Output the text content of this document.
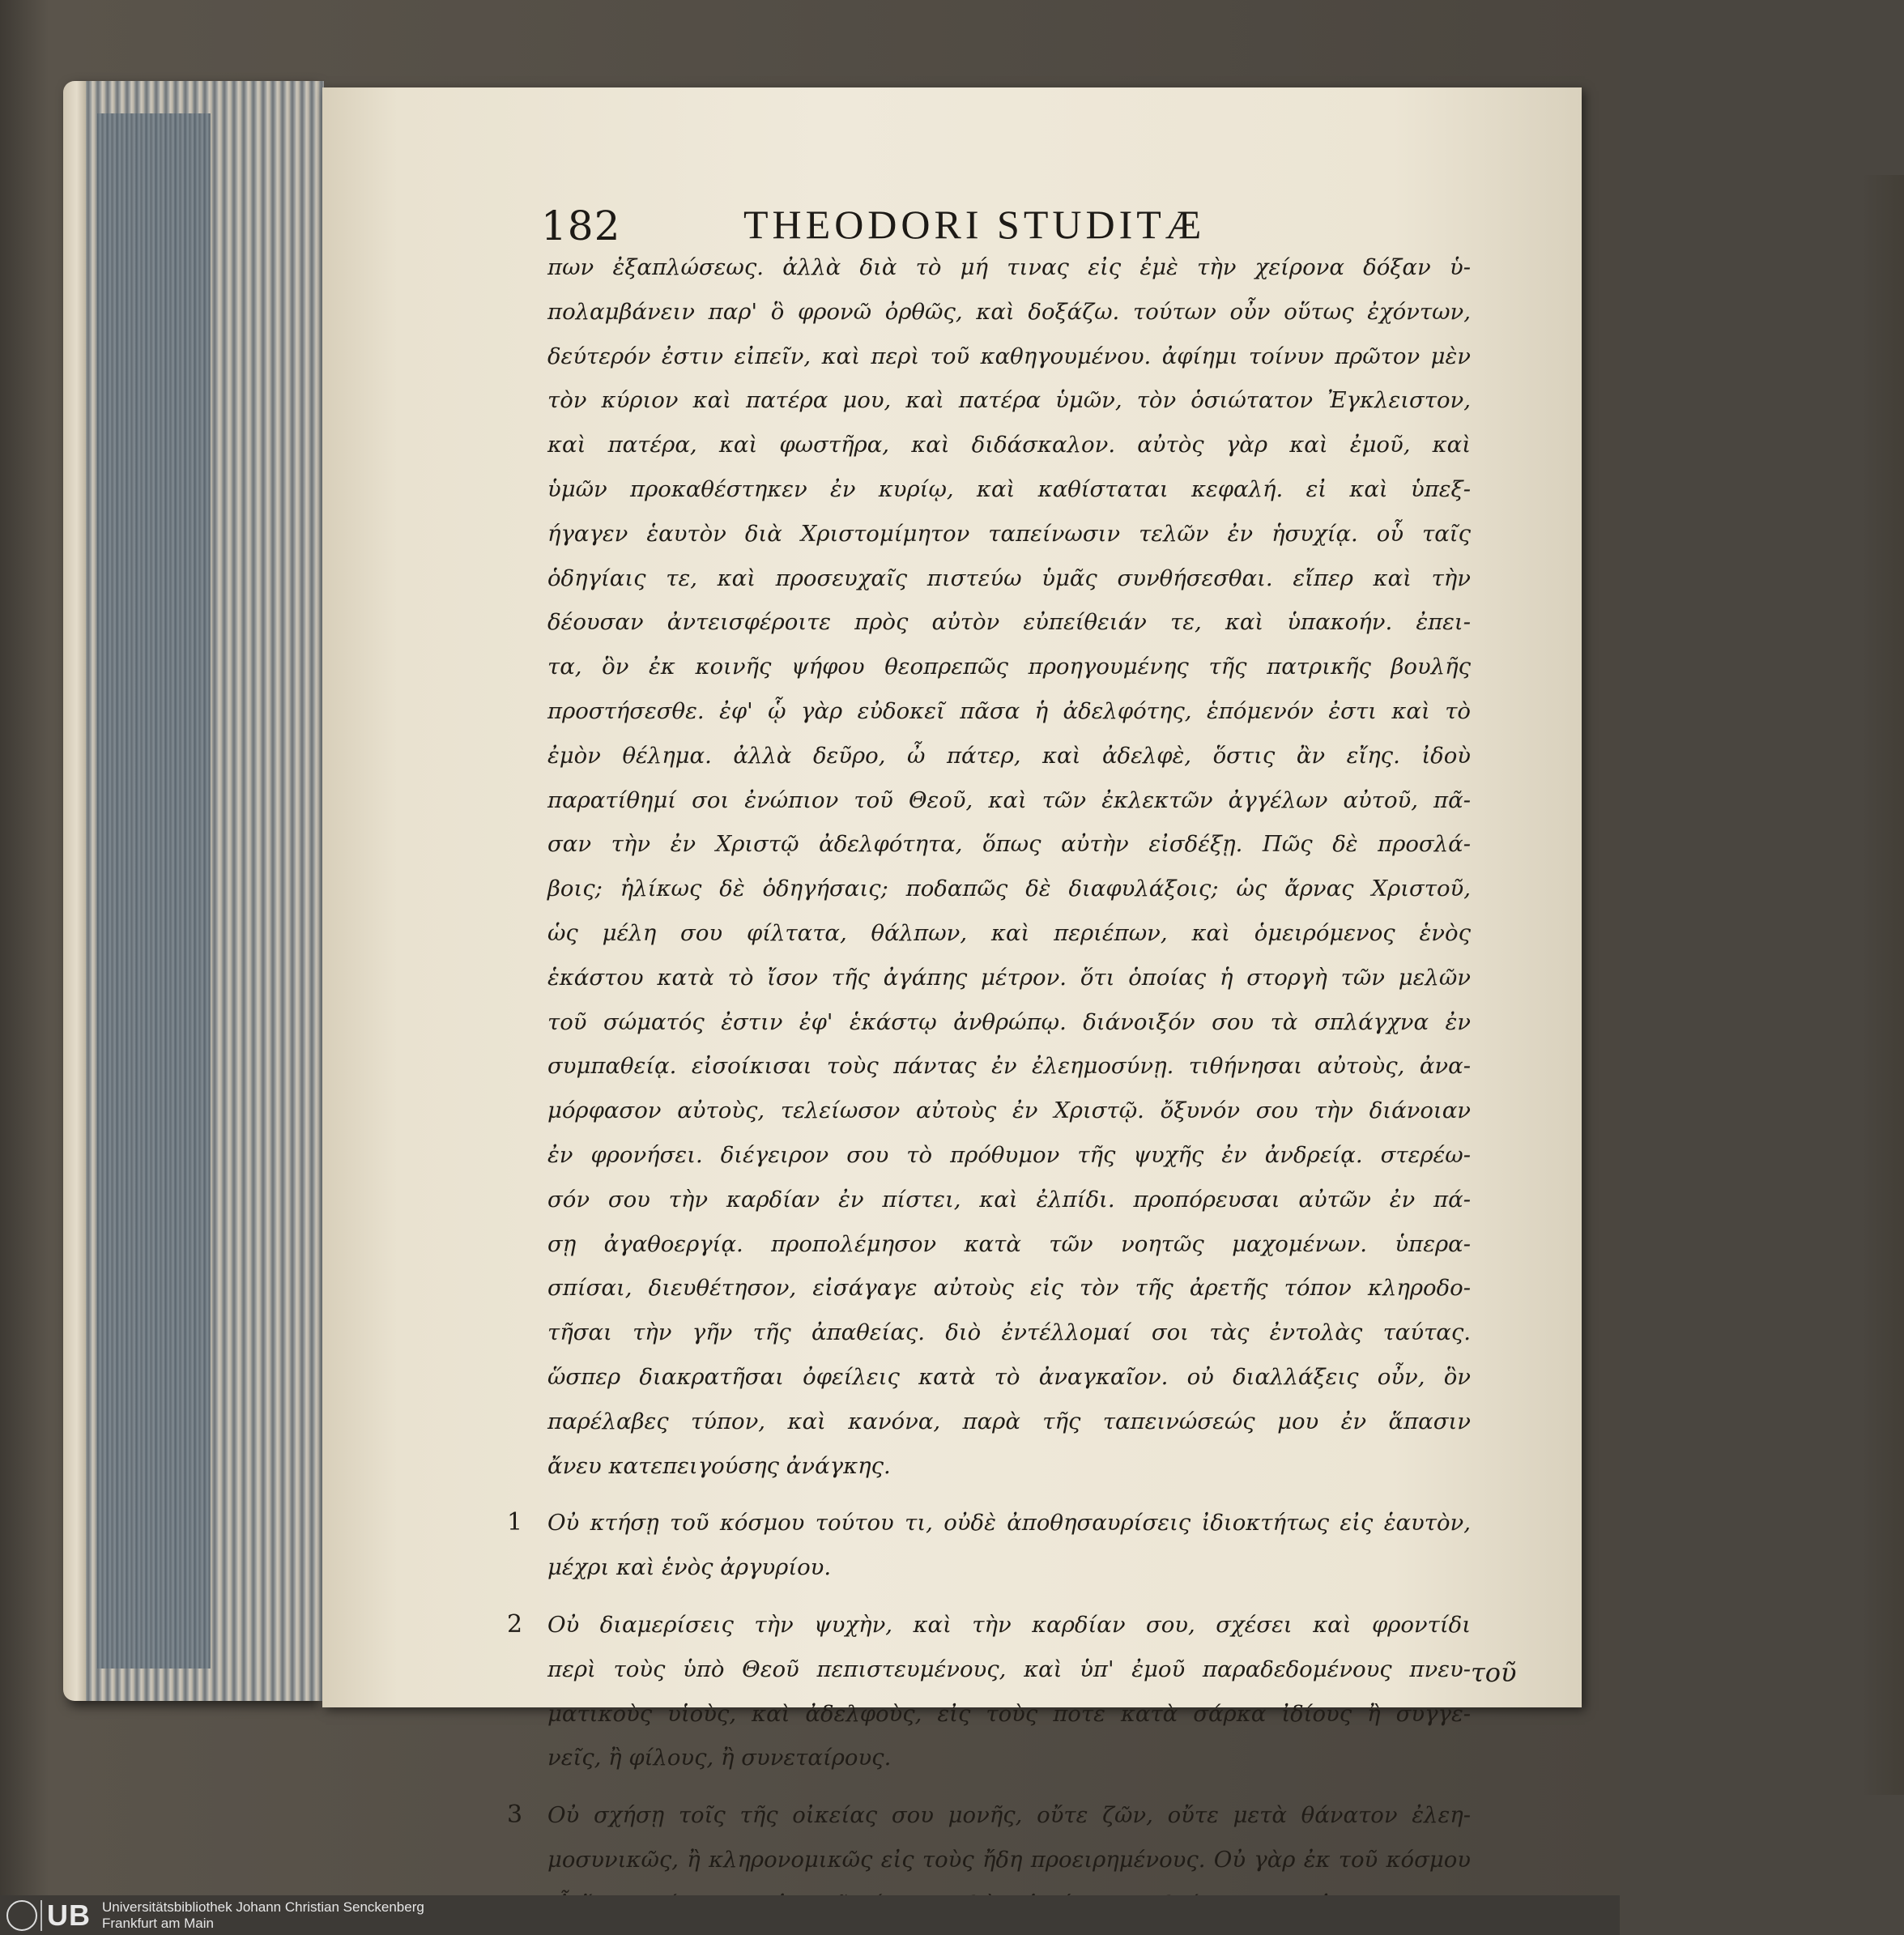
182	THEODORI STUDITÆ
πων ἐξαπλώσεως. ἀλλὰ διὰ τὸ μή τινας εἰς ἐμὲ τὴν χείρονα δόξαν ὑ-
πολαμβάνειν παρ' ὃ φρονῶ ὀρθῶς, καὶ δοξάζω. τούτων οὖν οὕτως ἐχόντων,
δεύτερόν ἐστιν εἰπεῖν, καὶ περὶ τοῦ καθηγουμένου. ἀφίημι τοίνυν πρῶτον μὲν
τὸν κύριον καὶ πατέρα μου, καὶ πατέρα ὑμῶν, τὸν ὁσιώτατον Ἐγκλειστον,
καὶ πατέρα, καὶ φωστῆρα, καὶ διδάσκαλον. αὐτὸς γὰρ καὶ ἐμοῦ, καὶ
ὑμῶν προκαθέστηκεν ἐν κυρίῳ, καὶ καθίσταται κεφαλή. εἰ καὶ ὑπεξ-
ήγαγεν ἑαυτὸν διὰ Χριστομίμητον ταπείνωσιν τελῶν ἐν ἡσυχίᾳ. οὗ ταῖς
ὁδηγίαις τε, καὶ προσευχαῖς πιστεύω ὑμᾶς συνθήσεσθαι. εἴπερ καὶ τὴν
δέουσαν ἀντεισφέροιτε πρὸς αὐτὸν εὐπείθειάν τε, καὶ ὑπακοήν. ἐπει-
τα, ὃν ἐκ κοινῆς ψήφου θεοπρεπῶς προηγουμένης τῆς πατρικῆς βουλῆς
προστήσεσθε. ἐφ' ᾧ γὰρ εὐδοκεῖ πᾶσα ἡ ἀδελφότης, ἑπόμενόν ἐστι καὶ τὸ
ἐμὸν θέλημα. ἀλλὰ δεῦρο, ὦ πάτερ, καὶ ἀδελφὲ, ὅστις ἂν εἴης. ἰδοὺ
παρατίθημί σοι ἐνώπιον τοῦ Θεοῦ, καὶ τῶν ἐκλεκτῶν ἀγγέλων αὐτοῦ, πᾶ-
σαν τὴν ἐν Χριστῷ ἀδελφότητα, ὅπως αὐτὴν εἰσδέξῃ. Πῶς δὲ προσλά-
βοις; ἡλίκως δὲ ὁδηγήσαις; ποδαπῶς δὲ διαφυλάξοις; ὡς ἄρνας Χριστοῦ,
ὡς μέλη σου φίλτατα, θάλπων, καὶ περιέπων, καὶ ὁμειρόμενος ἑνὸς
ἑκάστου κατὰ τὸ ἴσον τῆς ἀγάπης μέτρον. ὅτι ὁποίας ἡ στοργὴ τῶν μελῶν
τοῦ σώματός ἐστιν ἐφ' ἑκάστῳ ἀνθρώπῳ. διάνοιξόν σου τὰ σπλάγχνα ἐν
συμπαθείᾳ. εἰσοίκισαι τοὺς πάντας ἐν ἐλεημοσύνῃ. τιθήνησαι αὐτοὺς, ἀνα-
μόρφασον αὐτοὺς, τελείωσον αὐτοὺς ἐν Χριστῷ. ὄξυνόν σου τὴν διάνοιαν
ἐν φρονήσει. διέγειρον σου τὸ πρόθυμον τῆς ψυχῆς ἐν ἀνδρείᾳ. στερέω-
σόν σου τὴν καρδίαν ἐν πίστει, καὶ ἐλπίδι. προπόρευσαι αὐτῶν ἐν πά-
σῃ ἀγαθοεργίᾳ. προπολέμησον κατὰ τῶν νοητῶς μαχομένων. ὑπερα-
σπίσαι, διευθέτησον, εἰσάγαγε αὐτοὺς εἰς τὸν τῆς ἀρετῆς τόπον κληροδο-
τῆσαι τὴν γῆν τῆς ἀπαθείας. διὸ ἐντέλλομαί σοι τὰς ἐντολὰς ταύτας.
ὥσπερ διακρατῆσαι ὀφείλεις κατὰ τὸ ἀναγκαῖον. οὐ διαλλάξεις οὖν, ὃν
παρέλαβες τύπον, καὶ κανόνα, παρὰ τῆς ταπεινώσεώς μου ἐν ἅπασιν
ἄνευ κατεπειγούσης ἀνάγκης.
1 Οὐ κτήσῃ τοῦ κόσμου τούτου τι, οὐδὲ ἀποθησαυρίσεις ἰδιοκτήτως εἰς ἑαυτὸν,
μέχρι καὶ ἑνὸς ἀργυρίου.
2 Οὐ διαμερίσεις τὴν ψυχὴν, καὶ τὴν καρδίαν σου, σχέσει καὶ φροντίδι
περὶ τοὺς ὑπὸ Θεοῦ πεπιστευμένους, καὶ ὑπ' ἐμοῦ παραδεδομένους πνευ-
ματικοὺς υἱοὺς, καὶ ἀδελφοὺς, εἰς τοὺς ποτε κατὰ σάρκα ἰδίους ἢ συγγε-
νεῖς, ἢ φίλους, ἢ συνεταίρους.
3 Οὐ σχήσῃ τοῖς τῆς οἰκείας σου μονῆς, οὔτε ζῶν, οὔτε μετὰ θάνατον ἐλεη-
μοσυνικῶς, ἢ κληρονομικῶς εἰς τοὺς ἤδη προειρημένους. Οὐ γὰρ ἐκ τοῦ κόσμου
τοῦ
UB Universitätsbibliothek Johann Christian Senckenberg
Frankfurt am Main
